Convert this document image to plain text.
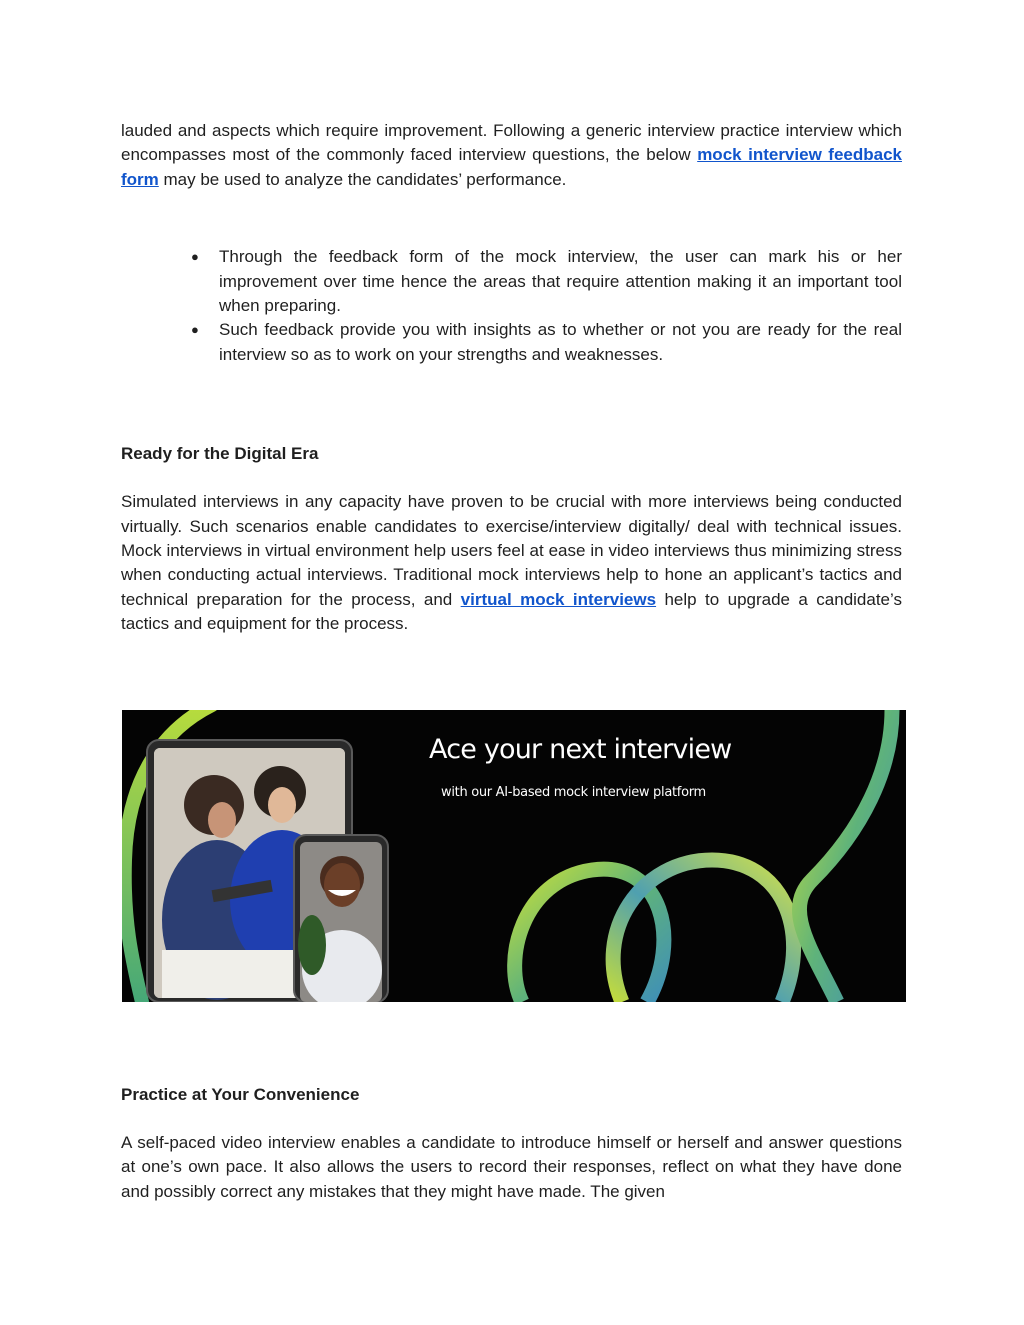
lauded and aspects which require improvement. Following a generic interview practice interview which encompasses most of the commonly faced interview questions, the below mock interview feedback form may be used to analyze the candidates’ performance.

● Through the feedback form of the mock interview, the user can mark his or her improvement over time hence the areas that require attention making it an important tool when preparing.
● Such feedback provide you with insights as to whether or not you are ready for the real interview so as to work on your strengths and weaknesses.
Ready for the Digital Era

Simulated interviews in any capacity have proven to be crucial with more interviews being conducted virtually. Such scenarios enable candidates to exercise/interview digitally/ deal with technical issues. Mock interviews in virtual environment help users feel at ease in video interviews thus minimizing stress when conducting actual interviews. Traditional mock interviews help to hone an applicant’s tactics and technical preparation for the process, and virtual mock interviews help to upgrade a candidate’s tactics and equipment for the process.

Ace your next interview
with our AI-based mock interview platform
Practice at Your Convenience

A self-paced video interview enables a candidate to introduce himself or herself and answer questions at one’s own pace. It also allows the users to record their responses, reflect on what they have done and possibly correct any mistakes that they might have made. The given
